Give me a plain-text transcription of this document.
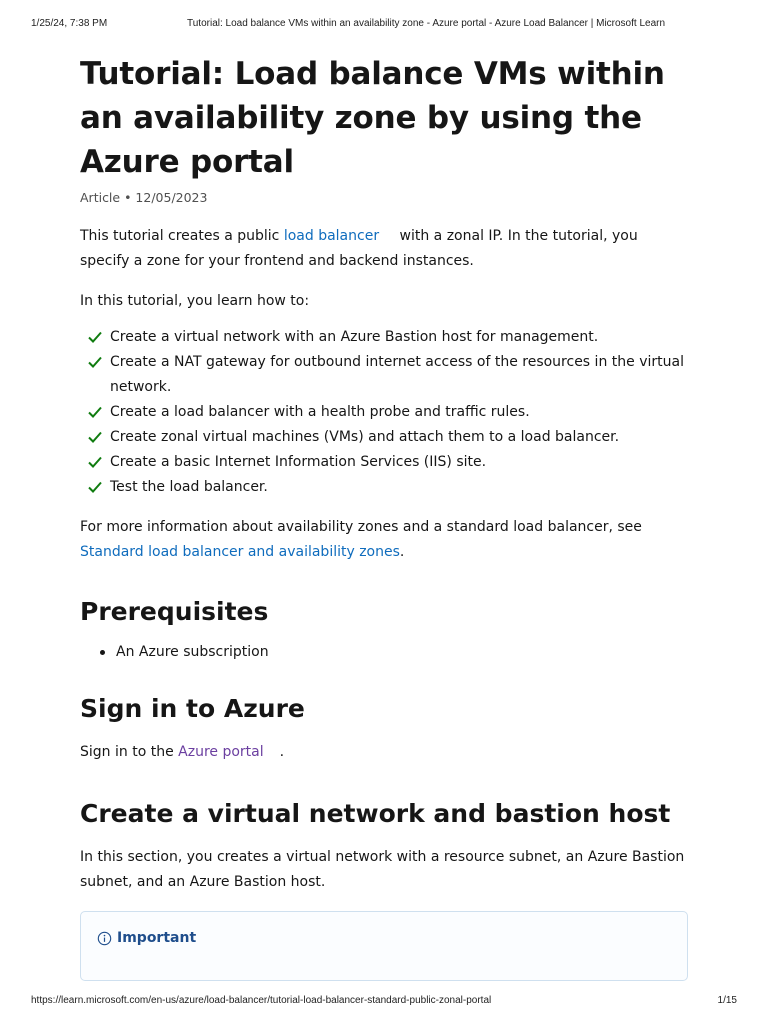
1/25/24, 7:38 PM	Tutorial: Load balance VMs within an availability zone - Azure portal - Azure Load Balancer | Microsoft Learn
Tutorial: Load balance VMs within an availability zone by using the Azure portal
Article • 12/05/2023

This tutorial creates a public load balancer with a zonal IP. In the tutorial, you specify a zone for your frontend and backend instances.

In this tutorial, you learn how to:

Create a virtual network with an Azure Bastion host for management.
Create a NAT gateway for outbound internet access of the resources in the virtual network.
Create a load balancer with a health probe and traffic rules.
Create zonal virtual machines (VMs) and attach them to a load balancer.
Create a basic Internet Information Services (IIS) site.
Test the load balancer.

For more information about availability zones and a standard load balancer, see Standard load balancer and availability zones.

Prerequisites
An Azure subscription
Sign in to Azure

Sign in to the Azure portal .

Create a virtual network and bastion host

In this section, you creates a virtual network with a resource subnet, an Azure Bastion subnet, and an Azure Bastion host.

Important
https://learn.microsoft.com/en-us/azure/load-balancer/tutorial-load-balancer-standard-public-zonal-portal	1/15
